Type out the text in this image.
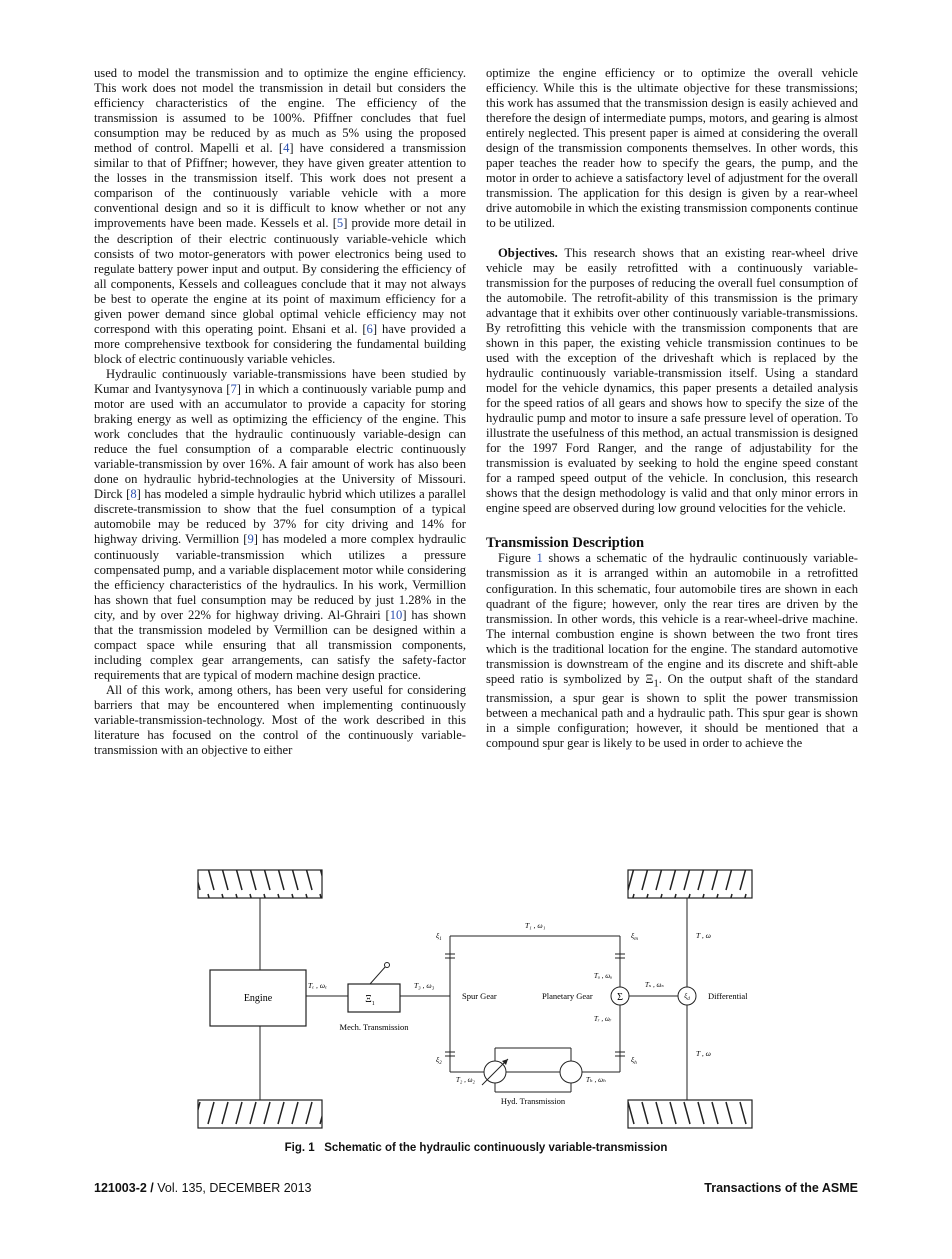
used to model the transmission and to optimize the engine efficiency. This work does not model the transmission in detail but considers the efficiency characteristics of the engine. The efficiency of the transmission is assumed to be 100%. Pfiffner concludes that fuel consumption may be reduced by as much as 5% using the proposed method of control. Mapelli et al. [4] have considered a transmission similar to that of Pfiffner; however, they have given greater attention to the losses in the transmission itself. This work does not present a comparison of the continuously variable vehicle with a more conventional design and so it is difficult to know whether or not any improvements have been made. Kessels et al. [5] provide more detail in the description of their electric continuously variable-vehicle which consists of two motor-generators with power electronics being used to regulate battery power input and output. By considering the efficiency of all components, Kessels and colleagues conclude that it may not always be best to operate the engine at its point of maximum efficiency for a given power demand since global optimal vehicle efficiency may not correspond with this operating point. Ehsani et al. [6] have provided a more comprehensive textbook for considering the fundamental building block of electric continuously variable vehicles.

Hydraulic continuously variable-transmissions have been studied by Kumar and Ivantysynova [7] in which a continuously variable pump and motor are used with an accumulator to provide a capacity for storing braking energy as well as optimizing the efficiency of the engine. This work concludes that the hydraulic continuously variable-design can reduce the fuel consumption of a comparable electric continuously variable-transmission by over 16%. A fair amount of work has also been done on hydraulic hybrid-technologies at the University of Missouri. Dirck [8] has modeled a simple hydraulic hybrid which utilizes a parallel discrete-transmission to show that the fuel consumption of a typical automobile may be reduced by 37% for city driving and 14% for highway driving. Vermillion [9] has modeled a more complex hydraulic continuously variable-transmission which utilizes a pressure compensated pump, and a variable displacement motor while considering the efficiency characteristics of the hydraulics. In his work, Vermillion has shown that fuel consumption may be reduced by just 1.28% in the city, and by over 22% for highway driving. Al-Ghrairi [10] has shown that the transmission modeled by Vermillion can be designed within a compact space while ensuring that all transmission components, including complex gear arrangements, can satisfy the safety-factor requirements that are typical of modern machine design practice.

All of this work, among others, has been very useful for considering barriers that may be encountered when implementing continuously variable-transmission-technology. Most of the work described in this literature has focused on the control of the continuously variable-transmission with an objective to either

optimize the engine efficiency or to optimize the overall vehicle efficiency. While this is the ultimate objective for these transmissions; this work has assumed that the transmission design is easily achieved and therefore the design of intermediate pumps, motors, and gearing is almost entirely neglected. This present paper is aimed at considering the overall design of the transmission components themselves. In other words, this paper teaches the reader how to specify the gears, the pump, and the motor in order to achieve a satisfactory level of adjustment for the overall transmission. The application for this design is given by a rear-wheel drive automobile in which the existing transmission components continue to be utilized.

Objectives. This research shows that an existing rear-wheel drive vehicle may be easily retrofitted with a continuously variable-transmission for the purposes of reducing the overall fuel consumption of the automobile. The retrofit-ability of this transmission is the primary advantage that it exhibits over other continuously variable-transmissions. By retrofitting this vehicle with the transmission components that are shown in this paper, the existing vehicle transmission continues to be used with the exception of the driveshaft which is replaced by the hydraulic continuously variable-transmission itself. Using a standard model for the vehicle dynamics, this paper presents a detailed analysis for the speed ratios of all gears and shows how to specify the size of the hydraulic pump and motor to insure a safe pressure level of operation. To illustrate the usefulness of this method, an actual transmission is designed for the 1997 Ford Ranger, and the range of adjustability for the transmission is evaluated by seeking to hold the engine speed constant for a ramped speed output of the vehicle. In conclusion, this research shows that the design methodology is valid and that only minor errors in engine speed are observed during low ground velocities for the vehicle.

Transmission Description

Figure 1 shows a schematic of the hydraulic continuously variable-transmission as it is arranged within an automobile in a retrofitted configuration. In this schematic, four automobile tires are shown in each quadrant of the figure; however, only the rear tires are driven by the transmission. In other words, this vehicle is a rear-wheel-drive machine. The internal combustion engine is shown between the two front tires which is the traditional location for the engine. The standard automotive transmission is downstream of the engine and its discrete and shift-able speed ratio is symbolized by $\Xi_1$. On the output shaft of the standard transmission, a spur gear is shown to split the power transmission between a mechanical path and a hydraulic path. This spur gear is shown in a simple configuration; however, it should be mentioned that a compound spur gear is likely to be used in order to achieve the

Engine
Tₑ , ωₑ
$\Xi_1$
Mech. Transmission
T₃ , ω₃
Spur Gear
$\xi_1$
$\xi_2$
T₁ , ω₁
$\xi_m$
$\xi_h$
Σ
Planetary Gear
Tᵤ , ωᵤ
Tᵣ , ωᵣ
Tₛ , ωₛ
$\xi_d$ Differential
T , ω
T , ω
T₂ , ω₂	Tₕ , ωₕ
Hyd. Transmission
Fig. 1 Schematic of the hydraulic continuously variable-transmission
121003-2 / Vol. 135, DECEMBER 2013	Transactions of the ASME
